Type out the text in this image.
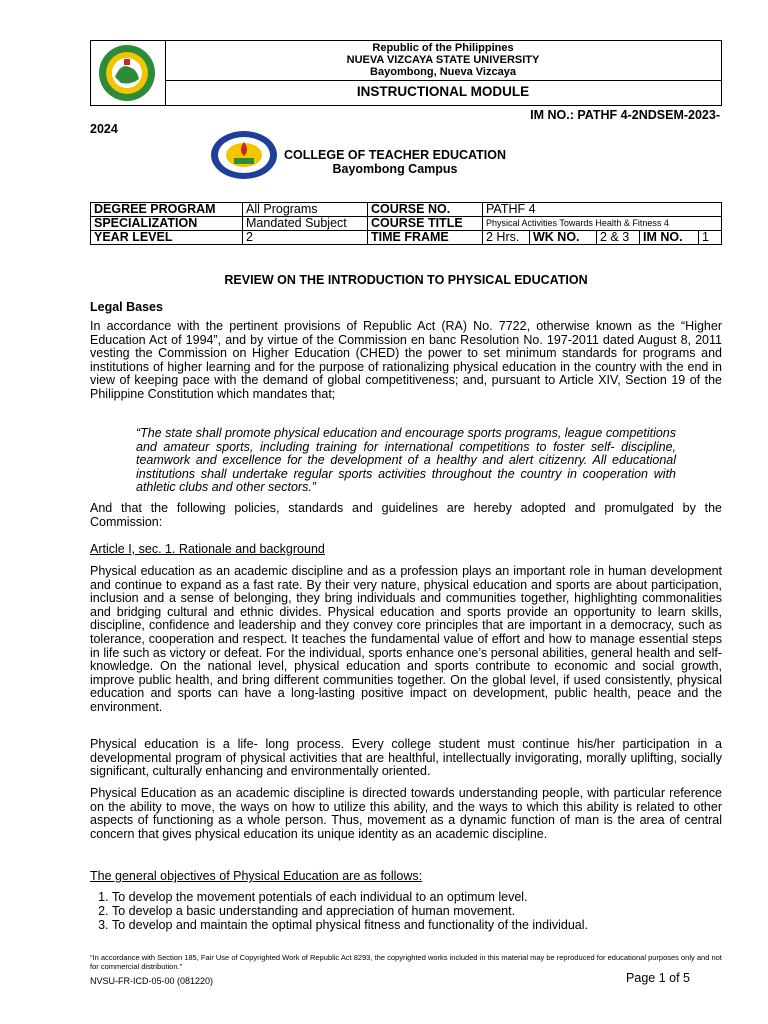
Republic of the Philippines
NUEVA VIZCAYA STATE UNIVERSITY
Bayombong, Nueva Vizcaya
INSTRUCTIONAL MODULE
IM NO.: PATHF 4-2NDSEM-2023-
2024
COLLEGE OF TEACHER EDUCATION
Bayombong Campus
DEGREE PROGRAM	All Programs	COURSE NO.	PATHF 4
SPECIALIZATION	Mandated Subject	COURSE TITLE	Physical Activities Towards Health & Fitness 4
YEAR LEVEL	2	TIME FRAME		2 Hrs.	WK NO.	2 & 3	IM NO.	1
REVIEW ON THE INTRODUCTION TO PHYSICAL EDUCATION
Legal Bases

In accordance with the pertinent provisions of Republic Act (RA) No. 7722, otherwise known as the “Higher Education Act of 1994”, and by virtue of the Commission en banc Resolution No. 197-2011 dated August 8, 2011 vesting the Commission on Higher Education (CHED) the power to set minimum standards for programs and institutions of higher learning and for the purpose of rationalizing physical education in the country with the end in view of keeping pace with the demand of global competitiveness; and, pursuant to Article XIV, Section 19 of the Philippine Constitution which mandates that;

“The state shall promote physical education and encourage sports programs, league competitions and amateur sports, including training for international competitions to foster self- discipline, teamwork and excellence for the development of a healthy and alert citizenry. All educational institutions shall undertake regular sports activities throughout the country in cooperation with athletic clubs and other sectors.”

And that the following policies, standards and guidelines are hereby adopted and promulgated by the Commission:

Article I, sec. 1. Rationale and background

Physical education as an academic discipline and as a profession plays an important role in human development and continue to expand as a fast rate. By their very nature, physical education and sports are about participation, inclusion and a sense of belonging, they bring individuals and communities together, highlighting commonalities and bridging cultural and ethnic divides. Physical education and sports provide an opportunity to learn skills, discipline, confidence and leadership and they convey core principles that are important in a democracy, such as tolerance, cooperation and respect. It teaches the fundamental value of effort and how to manage essential steps in life such as victory or defeat. For the individual, sports enhance one’s personal abilities, general health and self-knowledge. On the national level, physical education and sports contribute to economic and social growth, improve public health, and bring different communities together. On the global level, if used consistently, physical education and sports can have a long-lasting positive impact on development, public health, peace and the environment.

Physical education is a life- long process. Every college student must continue his/her participation in a developmental program of physical activities that are healthful, intellectually invigorating, morally uplifting, socially significant, culturally enhancing and environmentally oriented.

Physical Education as an academic discipline is directed towards understanding people, with particular reference on the ability to move, the ways on how to utilize this ability, and the ways to which this ability is related to other aspects of functioning as a whole person. Thus, movement as a dynamic function of man is the area of central concern that gives physical education its unique identity as an academic discipline.

The general objectives of Physical Education are as follows:
1. To develop the movement potentials of each individual to an optimum level.
2. To develop a basic understanding and appreciation of human movement.
3. To develop and maintain the optimal physical fitness and functionality of the individual.
“In accordance with Section 185, Fair Use of Copyrighted Work of Republic Act 8293, the copyrighted works included in this material may be reproduced for educational purposes only and not for commercial distribution.”
NVSU-FR-ICD-05-00 (081220)	Page 1 of 5
